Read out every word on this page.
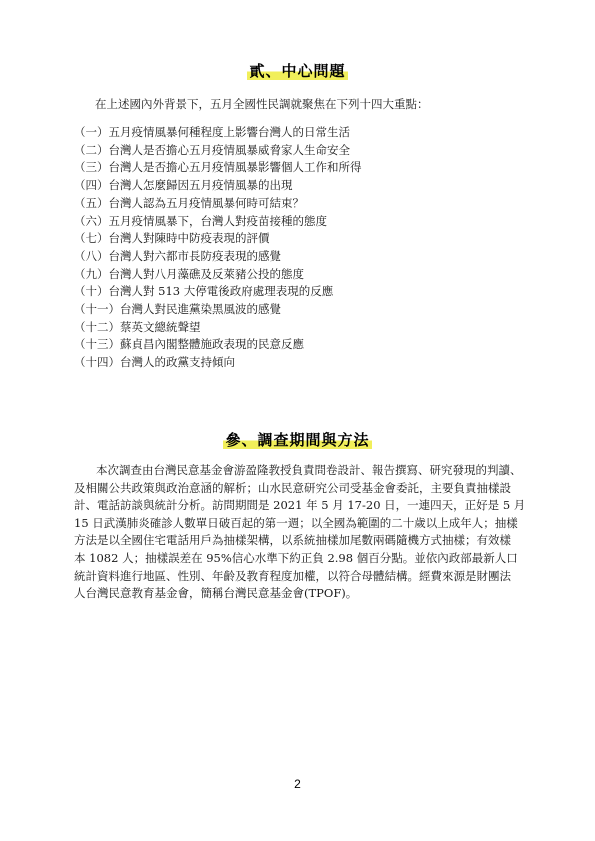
貳、中心問題
在上述國內外背景下，五月全國性民調就聚焦在下列十四大重點：
（一）五月疫情風暴何種程度上影響台灣人的日常生活
（二）台灣人是否擔心五月疫情風暴威脅家人生命安全
（三）台灣人是否擔心五月疫情風暴影響個人工作和所得
（四）台灣人怎麼歸因五月疫情風暴的出現
（五）台灣人認為五月疫情風暴何時可結束？
（六）五月疫情風暴下，台灣人對疫苗接種的態度
（七）台灣人對陳時中防疫表現的評價
（八）台灣人對六都市長防疫表現的感覺
（九）台灣人對八月藻礁及反萊豬公投的態度
（十）台灣人對 513 大停電後政府處理表現的反應
（十一）台灣人對民進黨染黑風波的感覺
（十二）蔡英文總統聲望
（十三）蘇貞昌內閣整體施政表現的民意反應
（十四）台灣人的政黨支持傾向
參、調查期間與方法
本次調查由台灣民意基金會游盈隆教授負責問卷設計、報告撰寫、研究發現的判讀、
及相關公共政策與政治意涵的解析；山水民意研究公司受基金會委託，主要負責抽樣設
計、電話訪談與統計分析。訪問期間是 2021 年 5 月 17-20 日，一連四天，正好是 5 月
15 日武漢肺炎確診人數單日破百起的第一週；以全國為範圍的二十歲以上成年人；抽樣
方法是以全國住宅電話用戶為抽樣架構，以系統抽樣加尾數兩碼隨機方式抽樣；有效樣
本 1082 人；抽樣誤差在 95%信心水準下約正負 2.98 個百分點。並依內政部最新人口
統計資料進行地區、性別、年齡及教育程度加權，以符合母體結構。經費來源是財團法
人台灣民意教育基金會，簡稱台灣民意基金會(TPOF)。
2
